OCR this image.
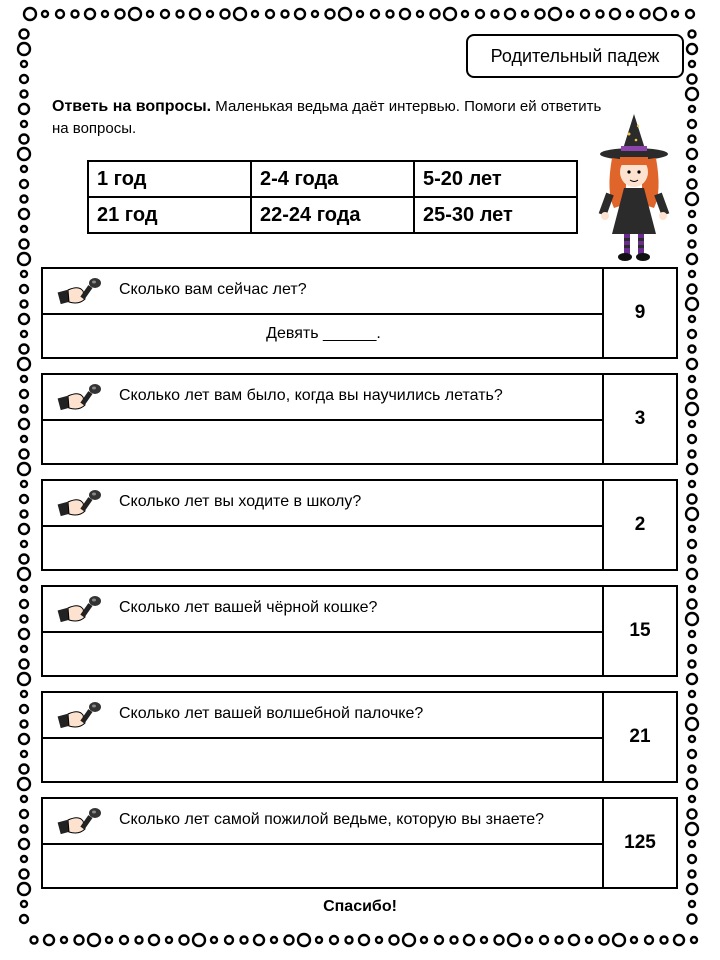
Родительный падеж
Ответь на вопросы. Маленькая ведьма даёт интервью. Помоги ей ответить на вопросы.
1 год	2-4 года	5-20 лет
21 год	22-24 года	25-30 лет
Сколько вам сейчас лет?
9
Девять ______.
Сколько лет вам было, когда вы научились летать?
3
Сколько лет вы ходите в школу?
2
Сколько лет вашей чёрной кошке?
15
Сколько лет вашей волшебной палочке?
21
Сколько лет самой пожилой ведьме, которую вы знаете?
125
Спасибо!
